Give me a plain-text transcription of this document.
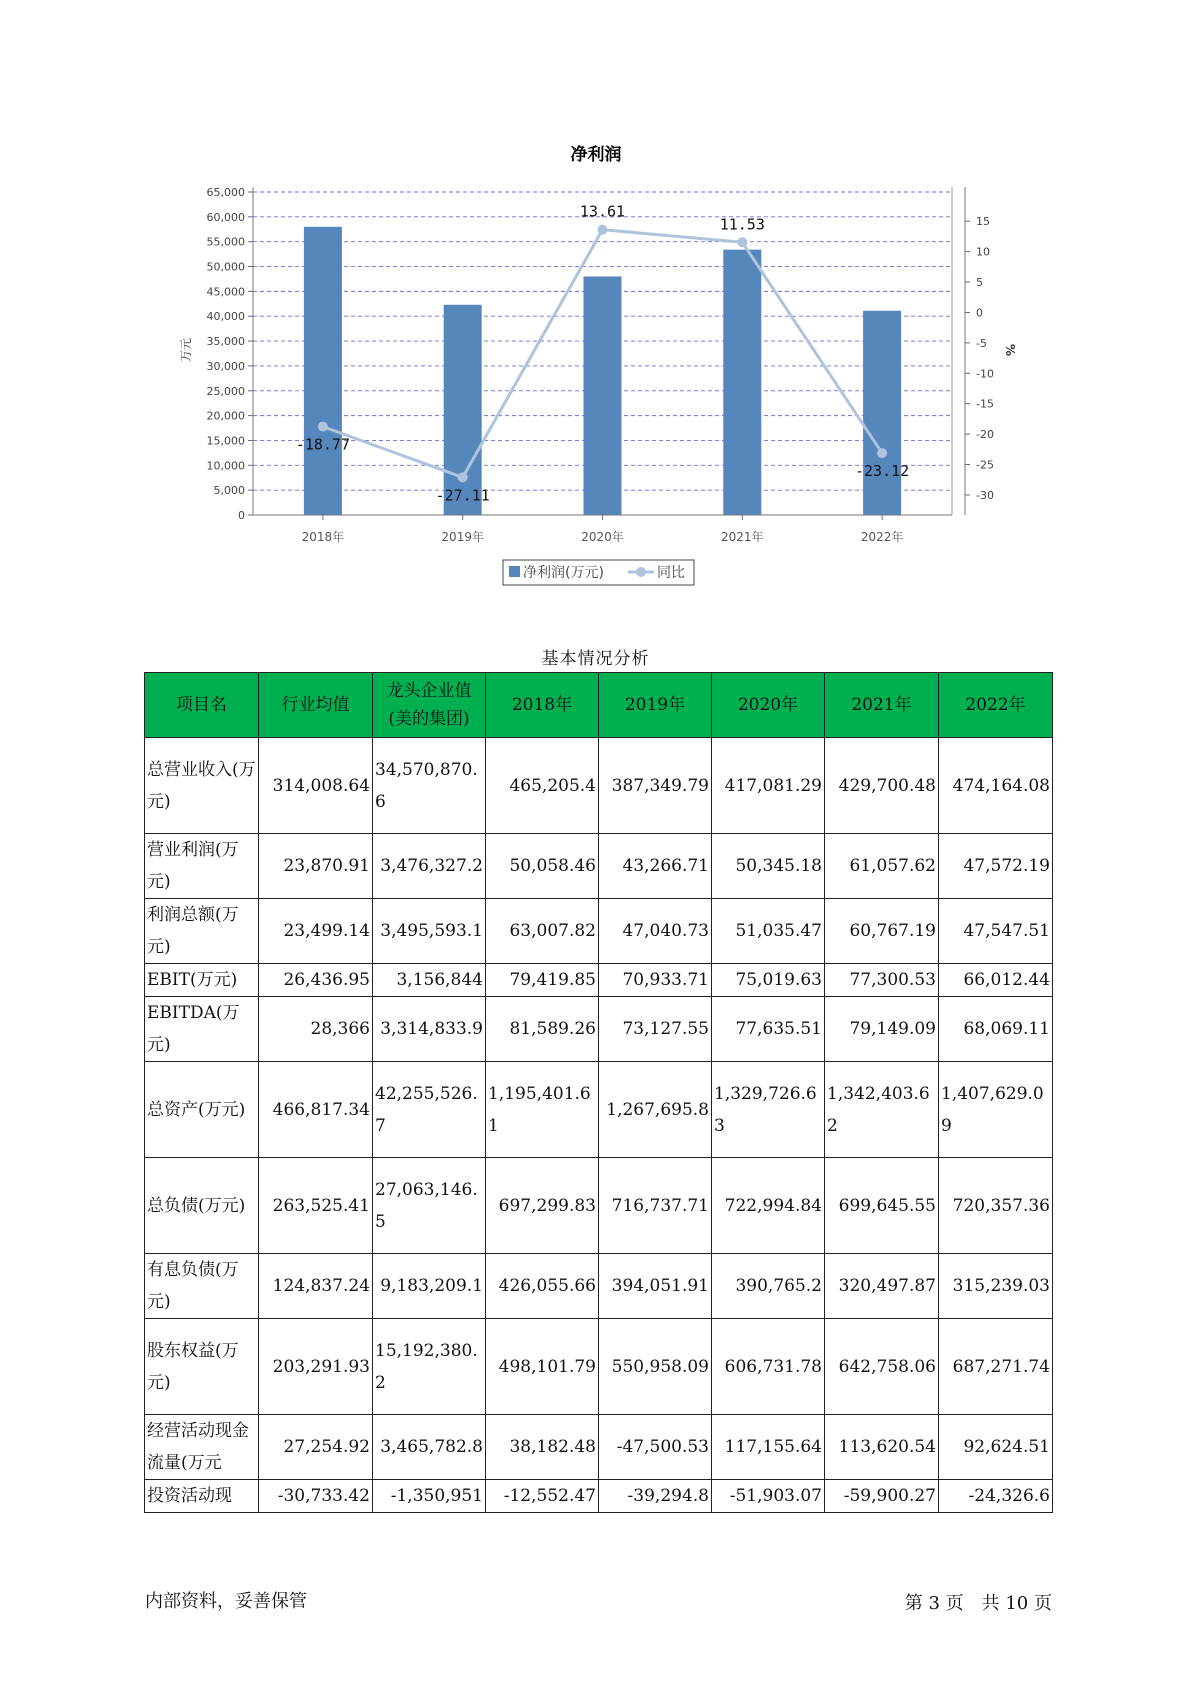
净利润
0
5,000
10,000
15,000
20,000
25,000
30,000
35,000
40,000
45,000
50,000
55,000
60,000
65,000
-30
-25
-20
-15
-10
-5
0
5
10
15
2018年	2019年	2020年	2021年	2022年
-18.77
-27.11
13.61
11.53
-23.12
万元	%
净利润(万元)	同比
基本情况分析
项目名	行业均值	龙头企业值(美的集团)	2018年	2019年	2020年	2021年	2022年
总营业收入(万元)	314,008.64	34,570,870.6	465,205.4	387,349.79	417,081.29	429,700.48	474,164.08
营业利润(万元)	23,870.91	3,476,327.2	50,058.46	43,266.71	50,345.18	61,057.62	47,572.19
利润总额(万元)	23,499.14	3,495,593.1	63,007.82	47,040.73	51,035.47	60,767.19	47,547.51
EBIT(万元)	26,436.95	3,156,844	79,419.85	70,933.71	75,019.63	77,300.53	66,012.44
EBITDA(万元)	28,366	3,314,833.9	81,589.26	73,127.55	77,635.51	79,149.09	68,069.11
总资产(万元)	466,817.34	42,255,526.7	1,195,401.61	1,267,695.8	1,329,726.63	1,342,403.62	1,407,629.09
总负债(万元)	263,525.41	27,063,146.5	697,299.83	716,737.71	722,994.84	699,645.55	720,357.36
有息负债(万元)	124,837.24	9,183,209.1	426,055.66	394,051.91	390,765.2	320,497.87	315,239.03
股东权益(万元)	203,291.93	15,192,380.2	498,101.79	550,958.09	606,731.78	642,758.06	687,271.74
经营活动现金流量(万元	27,254.92	3,465,782.8	38,182.48	-47,500.53	117,155.64	113,620.54	92,624.51
投资活动现	-30,733.42	-1,350,951	-12,552.47	-39,294.8	-51,903.07	-59,900.27	-24,326.6
内部资料，妥善保管	第 3 页　共 10 页
